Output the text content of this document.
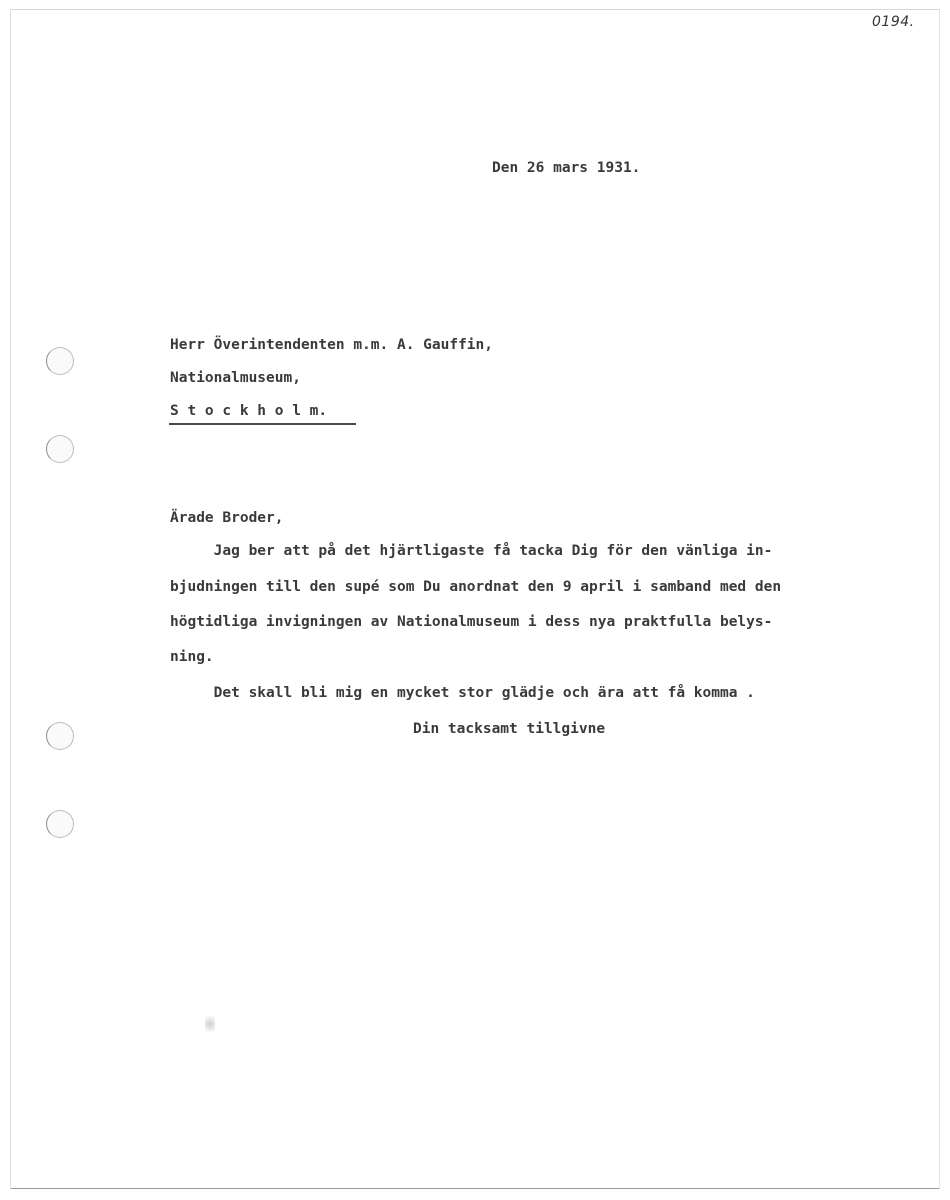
0194.
Den 26 mars 1931.
Herr Överintendenten m.m. A. Gauffin,
Nationalmuseum,
S t o c k h o l m.
Ärade Broder,
Jag ber att på det hjärtligaste få tacka Dig för den vänliga in-
bjudningen till den supé som Du anordnat den 9 april i samband med den
högtidliga invigningen av Nationalmuseum i dess nya praktfulla belys-
ning.
Det skall bli mig en mycket stor glädje och ära att få komma .
Din tacksamt tillgivne
